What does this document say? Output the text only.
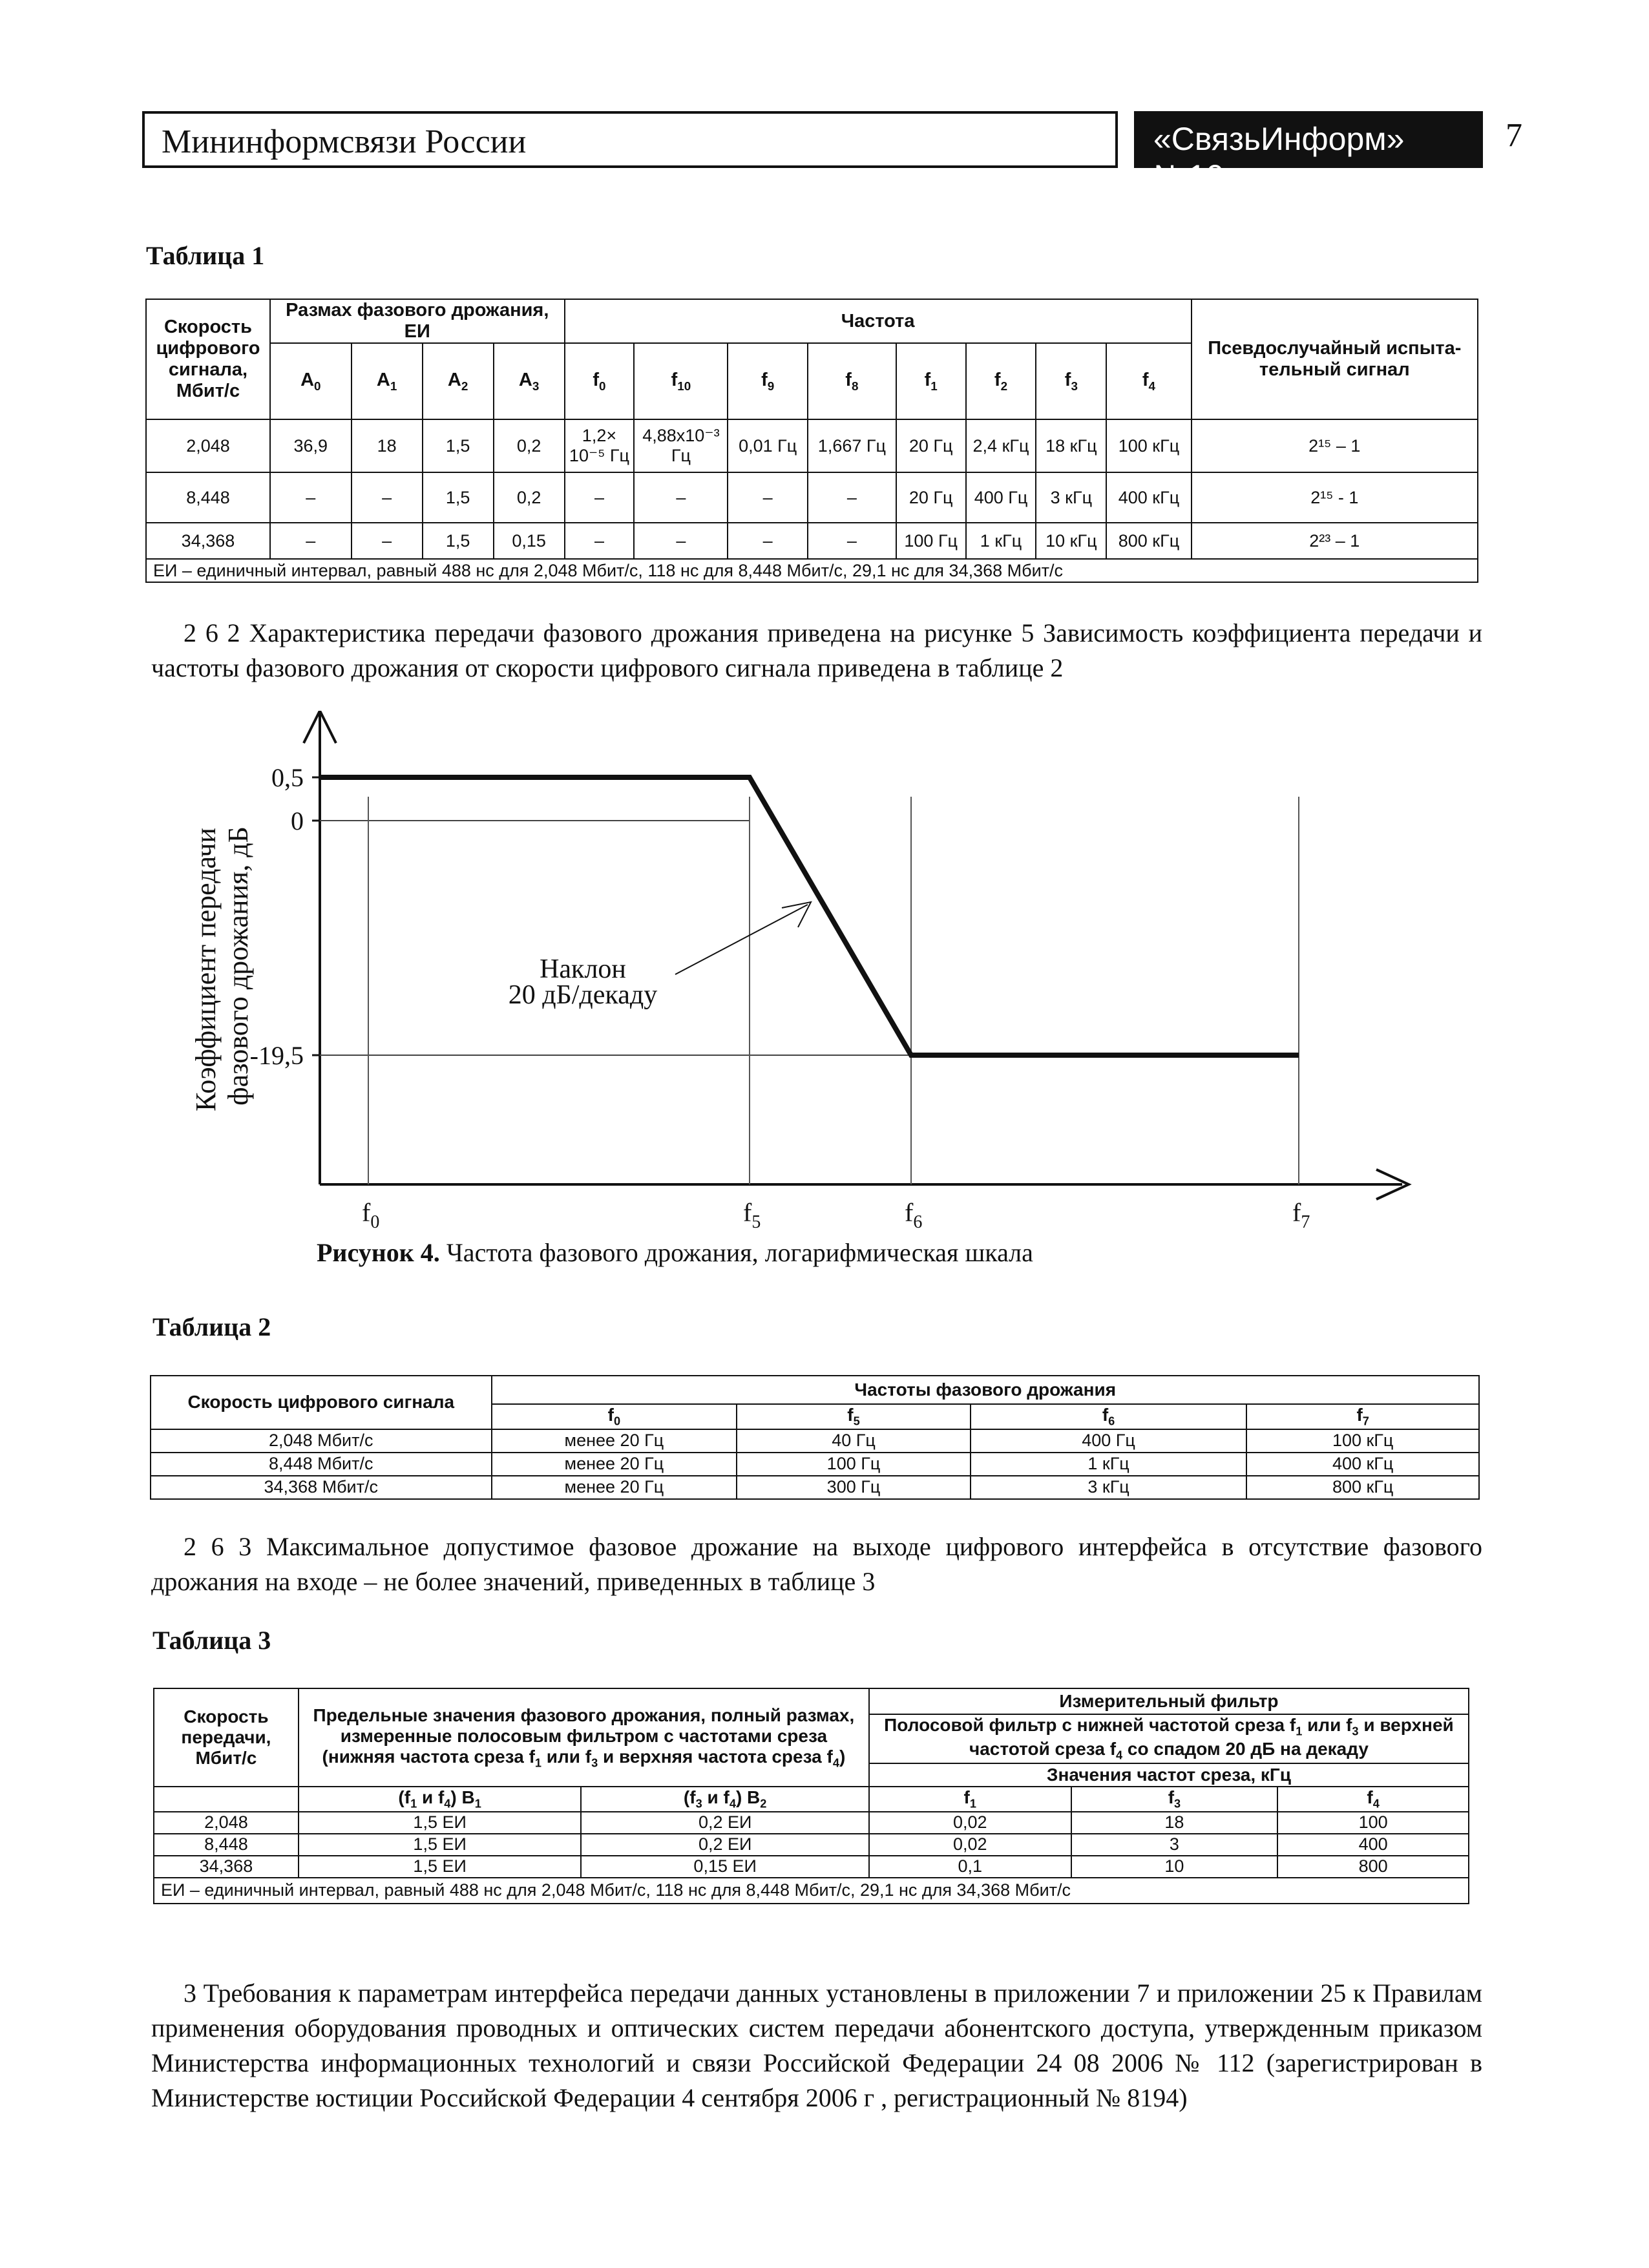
Мининформсвязи России	«СвязьИнформ» №10
7
Таблица 1
Скорость цифрового сигнала, Мбит/с	Размах фазового дрожания, ЕИ				Частота								Псевдослучайный испыта-тельный сигнал
	$A_0$	$A_1$	$A_2$	$A_3$	$f_0$	$f_{10}$	$f_9$	$f_8$	$f_1$	$f_2$	$f_3$	$f_4$
2,048	36,9	18	1,5	0,2	1,2× 10⁻⁵ Гц	4,88х10⁻³ Гц	0,01 Гц	1,667 Гц	20 Гц	2,4 кГц	18 кГц	100 кГц	2¹⁵ – 1
8,448	–	–	1,5	0,2	–	–	–	–	20 Гц	400 Гц	3 кГц	400 кГц	2¹⁵ - 1
34,368	–	–	1,5	0,15	–	–	–	–	100 Гц	1 кГц	10 кГц	800 кГц	2²³ – 1
ЕИ – единичный интервал, равный 488 нс для 2,048 Мбит/с, 118 нс для 8,448 Мбит/с, 29,1 нс для 34,368 Мбит/с													
2 6 2 Характеристика передачи фазового дрожания приведена на рисунке 5 Зависимость коэффициента передачи и частоты фазового дрожания от скорости цифрового сигнала приведена в таблице 2
Коэффициент передачи фазового дрожания, дБ
0,5
0
-19,5
$f_0$	$f_5$	$f_6$	$f_7$
Наклон
20 дБ/декаду
Рисунок 4. Частота фазового дрожания, логарифмическая шкала
Таблица 2
Скорость цифрового сигнала	Частоты фазового дрожания			
	$f_0$	$f_5$	$f_6$	$f_7$
2,048 Мбит/с	менее 20 Гц	40 Гц	400 Гц	100 кГц
8,448 Мбит/с	менее 20 Гц	100 Гц	1 кГц	400 кГц
34,368 Мбит/с	менее 20 Гц	300 Гц	3 кГц	800 кГц
2 6 3 Максимальное допустимое фазовое дрожание на выходе цифрового интерфейса в отсутствие фазового дрожания на входе – не более значений, приведенных в таблице 3
Таблица 3
Скорость передачи, Мбит/с	Предельные значения фазового дрожания, полный размах, измеренные полосовым фильтром с частотами среза (нижняя частота среза $f_1$ или $f_3$ и верхняя частота среза $f_4$)		Измерительный фильтр		
			Полосовой фильтр с нижней частотой среза $f_1$ или $f_3$ и верхней частотой среза $f_4$ со спадом 20 дБ на декаду		
			Значения частот среза, кГц		
	($f_1$ и $f_4$) $B_1$	($f_3$ и $f_4$) $B_2$	$f_1$	$f_3$	$f_4$
2,048	1,5 ЕИ	0,2 ЕИ	0,02	18	100
8,448	1,5 ЕИ	0,2 ЕИ	0,02	3	400
34,368	1,5 ЕИ	0,15 ЕИ	0,1	10	800
ЕИ – единичный интервал, равный 488 нс для 2,048 Мбит/с, 118 нс для 8,448 Мбит/с, 29,1 нс для 34,368 Мбит/с					
3 Требования к параметрам интерфейса передачи данных установлены в приложении 7 и приложении 25 к Правилам применения оборудования проводных и оптических систем передачи абонентского доступа, утвержденным приказом Министерства информационных технологий и связи Российской Федерации 24 08 2006 № 112 (зарегистрирован в Министерстве юстиции Российской Федерации 4 сентября 2006 г , регистрационный № 8194)
